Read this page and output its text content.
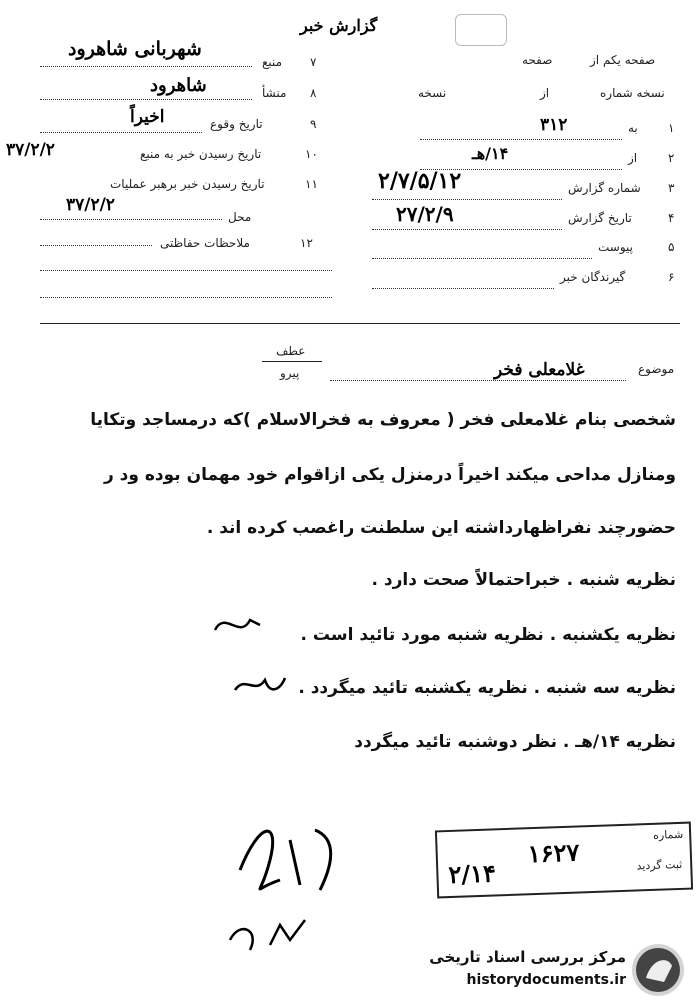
گزارش خبر
صفحه یکم از
صفحه
نسخه شماره
از
نسخه
۱
به
۳۱۲
۲
از
۱۴/هـ
۳
شماره گزارش
۲/۷/۵/۱۲
۴
تاریخ گزارش
۲۷/۲/۹
۵
پیوست
۶
گیرندگان خبر
۷
منبع
شهربانی شاهرود
۸
منشأ
شاهرود
۹
تاریخ وقوع
اخیراً
۱۰
تاریخ رسیدن خبر به منبع
۳۷/۲/۲
۱۱
تاریخ رسیدن خبر برهبر عملیات
۳۷/۲/۲
محل
۱۲
ملاحظات حفاظتی
عطف
پیرو	موضوع
غلامعلی فخر
شخصی بنام غلامعلی فخر ( معروف به فخرالاسلام )که درمساجد وتکایا
ومنازل مداحی میکند اخیراً درمنزل یکی ازاقوام خود مهمان بوده ود ر
حضورچند نفراظهارداشته این سلطنت راغصب کرده اند .
نظریه شنبه . خبراحتمالاً صحت دارد .
نظریه یکشنبه . نظریه شنبه مورد تائید است .
نظریه سه شنبه . نظریه یکشنبه تائید میگردد .
نظریه ۱۴/هـ . نظر دوشنبه تائید میگردد
شماره
۱۶۲۷
۲/۱۴	ثبت گردید
مرکز بررسی اسناد تاریخی
historydocuments.ir
